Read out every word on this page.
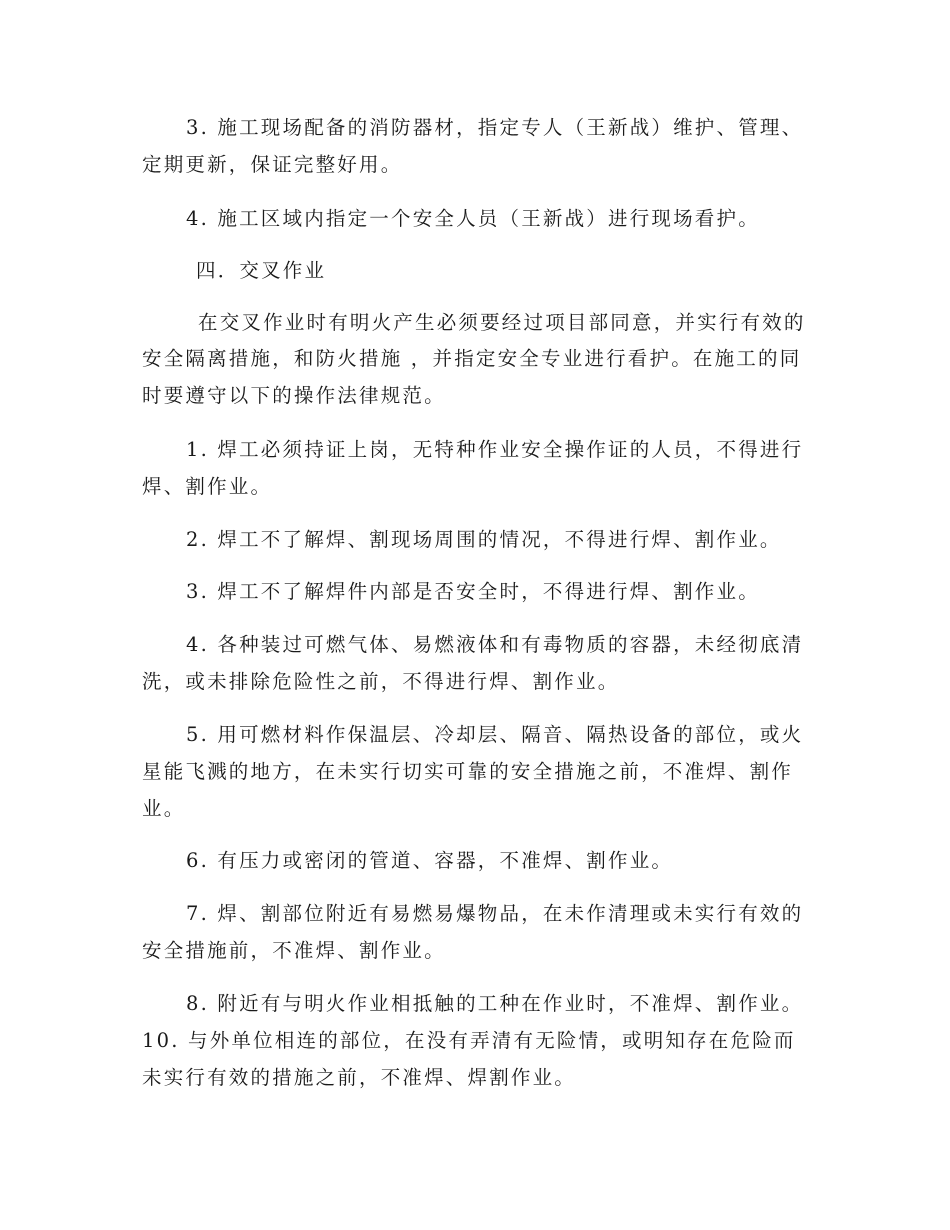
3. 施工现场配备的消防器材，指定专人（王新战）维护、管理、
定期更新，保证完整好用。
4. 施工区域内指定一个安全人员（王新战）进行现场看护。
四．交叉作业
在交叉作业时有明火产生必须要经过项目部同意，并实行有效的
安全隔离措施，和防火措施 ，并指定安全专业进行看护。在施工的同
时要遵守以下的操作法律规范。
1. 焊工必须持证上岗，无特种作业安全操作证的人员，不得进行
焊、割作业。
2. 焊工不了解焊、割现场周围的情况，不得进行焊、割作业。
3. 焊工不了解焊件内部是否安全时，不得进行焊、割作业。
4. 各种装过可燃气体、易燃液体和有毒物质的容器，未经彻底清
洗，或未排除危险性之前，不得进行焊、割作业。
5. 用可燃材料作保温层、冷却层、隔音、隔热设备的部位，或火
星能飞溅的地方，在未实行切实可靠的安全措施之前，不准焊、割作
业。
6. 有压力或密闭的管道、容器，不准焊、割作业。
7. 焊、割部位附近有易燃易爆物品，在未作清理或未实行有效的
安全措施前，不准焊、割作业。
8. 附近有与明火作业相抵触的工种在作业时，不准焊、割作业。
10. 与外单位相连的部位，在没有弄清有无险情，或明知存在危险而
未实行有效的措施之前，不准焊、焊割作业。
